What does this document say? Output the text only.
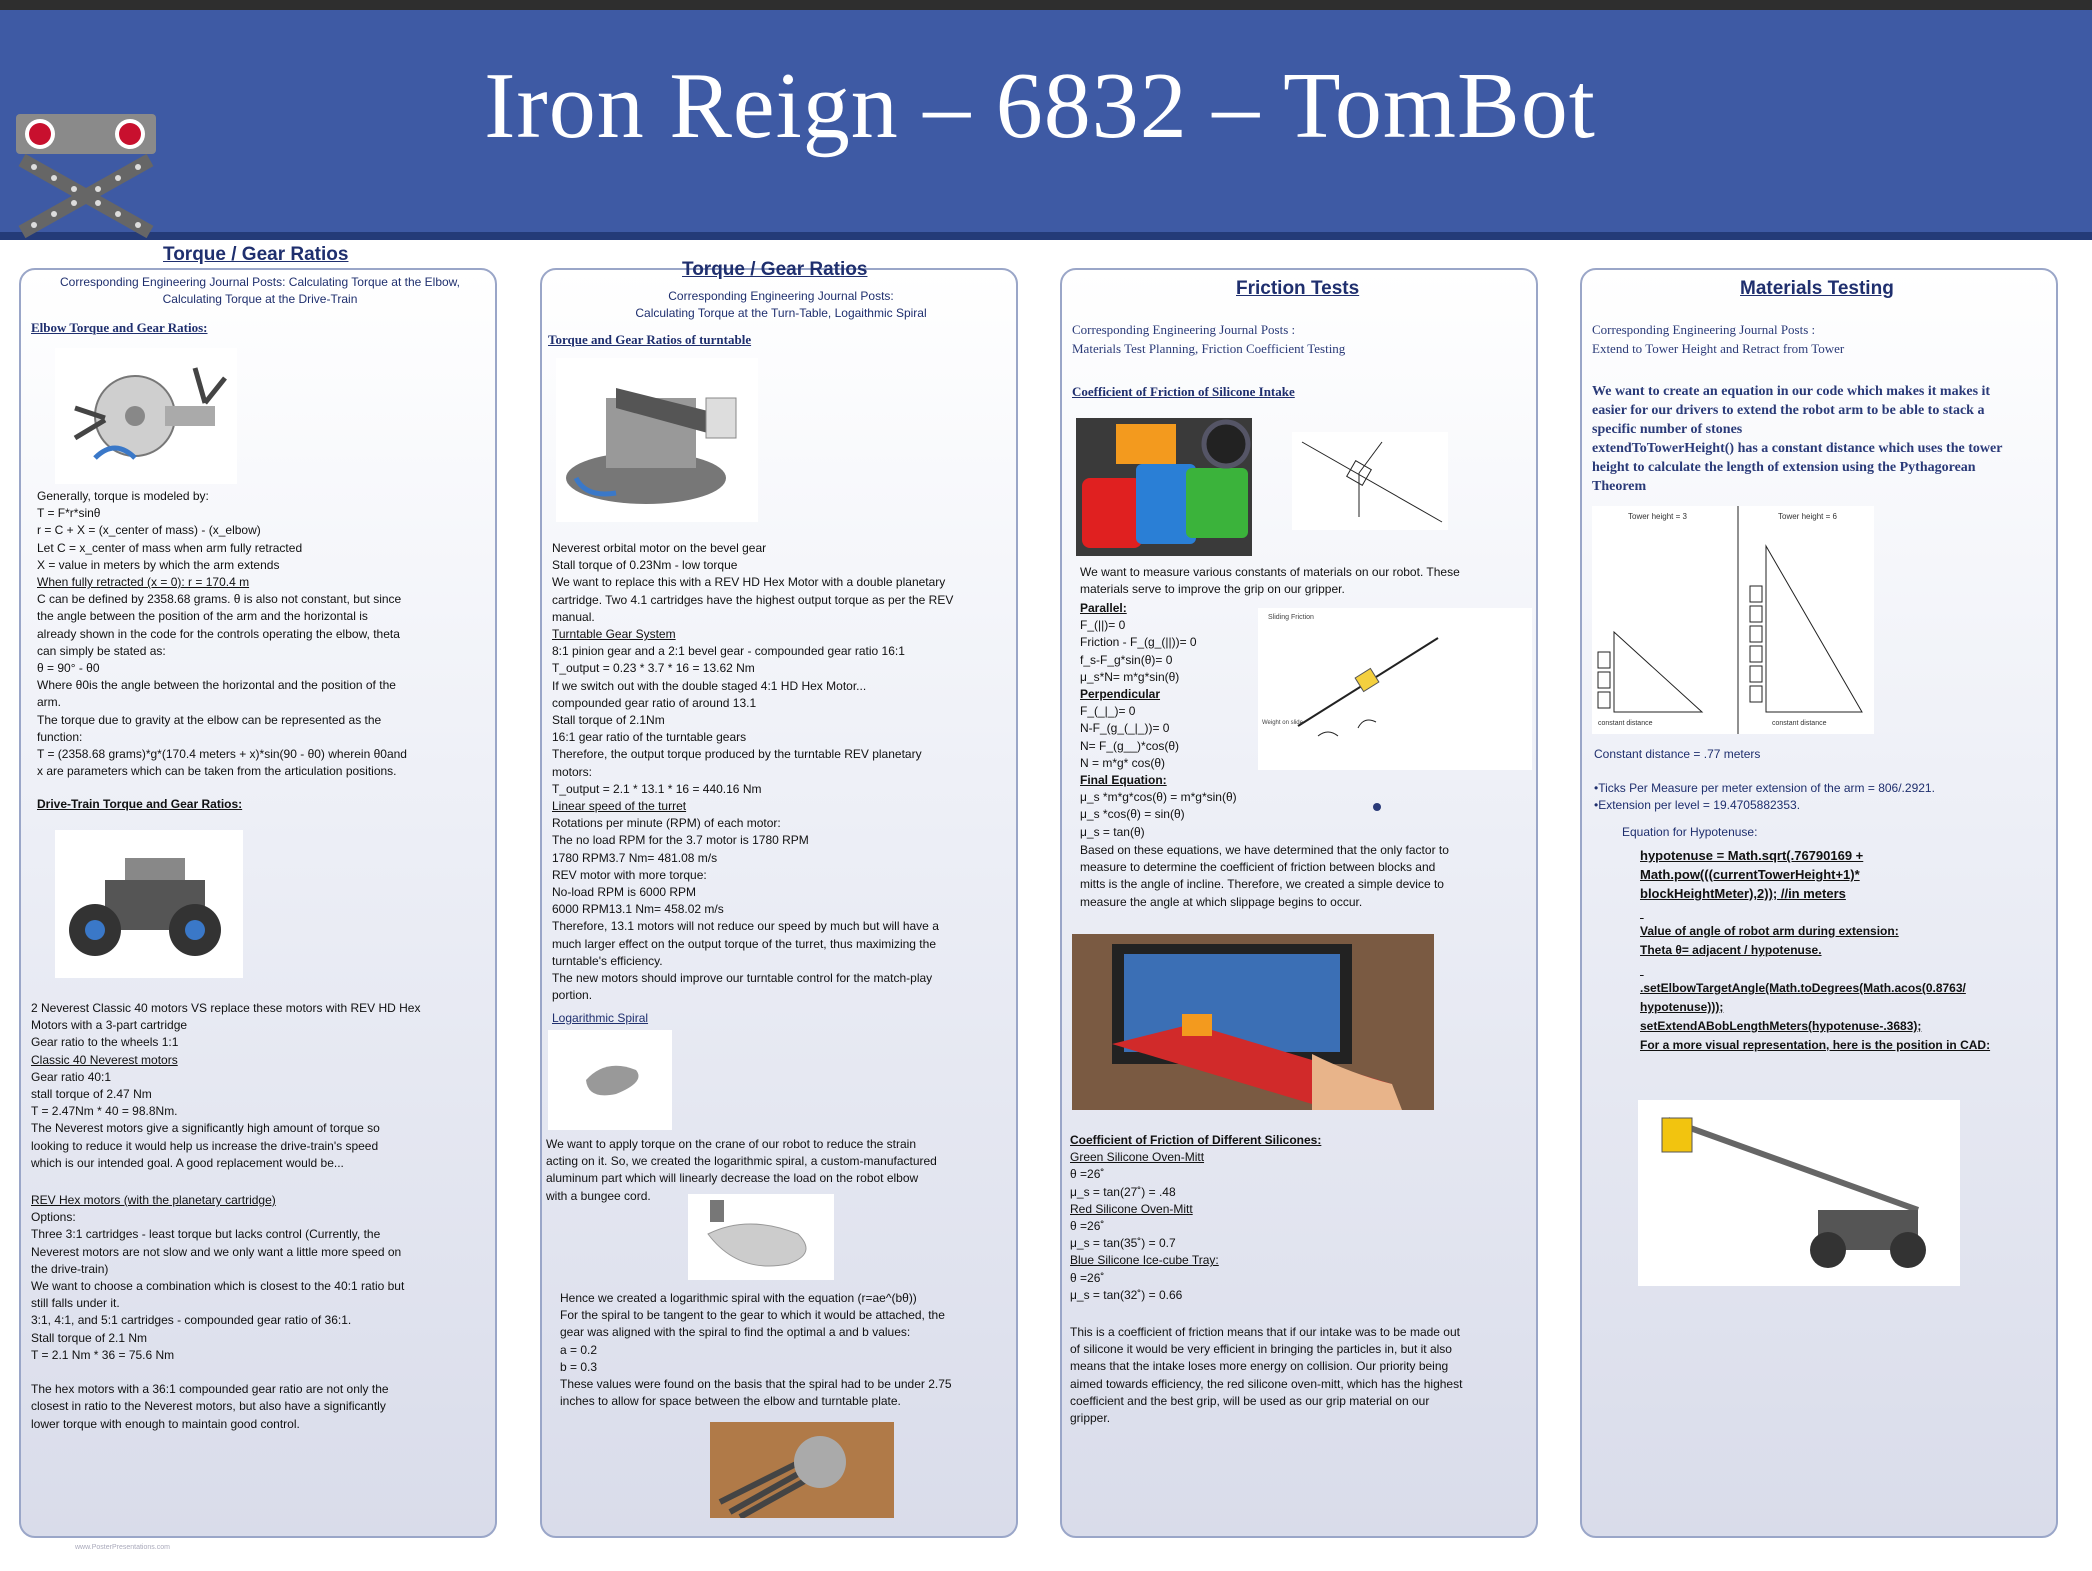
Iron Reign – 6832 – TomBot
Torque / Gear Ratios
Corresponding Engineering Journal Posts: Calculating Torque at the Elbow,
Calculating Torque at the Drive-Train
Elbow Torque and Gear Ratios:
Generally, torque is modeled by:
T = F*r*sinθ
r = C + X = (x_center of mass) - (x_elbow)
Let C = x_center of mass when arm fully retracted
X = value in meters by which the arm extends
When fully retracted (x = 0): r = 170.4 m
C can be defined by 2358.68 grams. θ is also not constant, but since
the angle between the position of the arm and the horizontal is
already shown in the code for the controls operating the elbow, theta
can simply be stated as:
θ = 90° - θ0
Where θ0is the angle between the horizontal and the position of the
arm.
The torque due to gravity at the elbow can be represented as the
function:
T = (2358.68 grams)*g*(170.4 meters + x)*sin(90 - θ0) wherein θ0and
x are parameters which can be taken from the articulation positions.
Drive-Train Torque and Gear Ratios:
2 Neverest Classic 40 motors VS replace these motors with REV HD Hex
Motors with a 3-part cartridge
Gear ratio to the wheels 1:1
Classic 40 Neverest motors
Gear ratio 40:1
stall torque of 2.47 Nm
T = 2.47Nm * 40 = 98.8Nm.
The Neverest motors give a significantly high amount of torque so
looking to reduce it would help us increase the drive-train's speed
which is our intended goal. A good replacement would be...
REV Hex motors (with the planetary cartridge)
Options:
Three 3:1 cartridges - least torque but lacks control (Currently, the
Neverest motors are not slow and we only want a little more speed on
the drive-train)
We want to choose a combination which is closest to the 40:1 ratio but
still falls under it.
3:1, 4:1, and 5:1 cartridges - compounded gear ratio of 36:1.
Stall torque of 2.1 Nm
T = 2.1 Nm * 36 = 75.6 Nm

The hex motors with a 36:1 compounded gear ratio are not only the
closest in ratio to the Neverest motors, but also have a significantly
lower torque with enough to maintain good control.
Corresponding Engineering Journal Posts:
Calculating Torque at the Turn-Table, Logaithmic Spiral
Torque and Gear Ratios of turntable
Neverest orbital motor on the bevel gear
Stall torque of 0.23Nm - low torque
We want to replace this with a REV HD Hex Motor with a double planetary
cartridge. Two 4.1 cartridges have the highest output torque as per the REV
manual.
Turntable Gear System
8:1 pinion gear and a 2:1 bevel gear - compounded gear ratio 16:1
T_output = 0.23 * 3.7 * 16 = 13.62 Nm
If we switch out with the double staged 4:1 HD Hex Motor...
compounded gear ratio of around 13.1
Stall torque of 2.1Nm
16:1 gear ratio of the turntable gears
Therefore, the output torque produced by the turntable REV planetary
motors:
T_output = 2.1 * 13.1 * 16 = 440.16 Nm
Linear speed of the turret
Rotations per minute (RPM) of each motor:
The no load RPM for the 3.7 motor is 1780 RPM
1780 RPM3.7 Nm= 481.08 m/s
REV motor with more torque:
No-load RPM is 6000 RPM
6000 RPM13.1 Nm= 458.02 m/s
Therefore, 13.1 motors will not reduce our speed by much but will have a
much larger effect on the output torque of the turret, thus maximizing the
turntable's efficiency.
The new motors should improve our turntable control for the match-play
portion.
Logarithmic Spiral
We want to apply torque on the crane of our robot to reduce the strain
acting on it. So, we created the logarithmic spiral, a custom-manufactured
aluminum part which will linearly decrease the load on the robot elbow
with a bungee cord.
Hence we created a logarithmic spiral with the equation (r=ae^(bθ))
For the spiral to be tangent to the gear to which it would be attached, the
gear was aligned with the spiral to find the optimal a and b values:
a = 0.2
b = 0.3
These values were found on the basis that the spiral had to be under 2.75
inches to allow for space between the elbow and turntable plate.
Torque / Gear Ratios
Corresponding Engineering Journal Posts :
Materials Test Planning, Friction Coefficient Testing
Coefficient of Friction of Silicone Intake
We want to measure various constants of materials on our robot. These
materials serve to improve the grip on our gripper.
Parallel:
F_(||)= 0
Friction - F_(g_(||))= 0
f_s-F_g*sin(θ)= 0
μ_s*N= m*g*sin(θ)
Perpendicular
F_(_|_)= 0
N-F_(g_(_|_))= 0
N= F_(g__)*cos(θ)
N = m*g* cos(θ)
Final Equation:
μ_s *m*g*cos(θ) = m*g*sin(θ)
μ_s *cos(θ) = sin(θ)
μ_s = tan(θ)
Sliding Friction
Weight on slide
Based on these equations, we have determined that the only factor to
measure to determine the coefficient of friction between blocks and
mitts is the angle of incline. Therefore, we created a simple device to
measure the angle at which slippage begins to occur.
Coefficient of Friction of Different Silicones:
Green Silicone Oven-Mitt
θ =26˚
μ_s = tan(27˚) = .48
Red Silicone Oven-Mitt
θ =26˚
μ_s = tan(35˚) = 0.7
Blue Silicone Ice-cube Tray:
θ =26˚
μ_s = tan(32˚) = 0.66
This is a coefficient of friction means that if our intake was to be made out
of silicone it would be very efficient in bringing the particles in, but it also
means that the intake loses more energy on collision. Our priority being
aimed towards efficiency, the red silicone oven-mitt, which has the highest
coefficient and the best grip, will be used as our grip material on our
gripper.
Friction Tests
Corresponding Engineering Journal Posts :
Extend to Tower Height and Retract from Tower
We want to create an equation in our code which makes it makes it
easier for our drivers to extend the robot arm to be able to stack a
specific number of stones
extendToTowerHeight() has a constant distance which uses the tower
height to calculate the length of extension using the Pythagorean
Theorem
Tower height = 3	Tower height = 6
constant distance	constant distance
Constant distance = .77 meters
•Ticks Per Measure per meter extension of the arm = 806/.2921.
•Extension per level = 19.4705882353.
Equation for Hypotenuse:
hypotenuse = Math.sqrt(.76790169 +
Math.pow(((currentTowerHeight+1)*
blockHeightMeter),2)); //in meters

Value of angle of robot arm during extension:
Theta θ= adjacent / hypotenuse.

.setElbowTargetAngle(Math.toDegrees(Math.acos(0.8763/
hypotenuse)));
setExtendABobLengthMeters(hypotenuse-.3683);
For a more visual representation, here is the position in CAD:
Materials Testing
www.PosterPresentations.com
